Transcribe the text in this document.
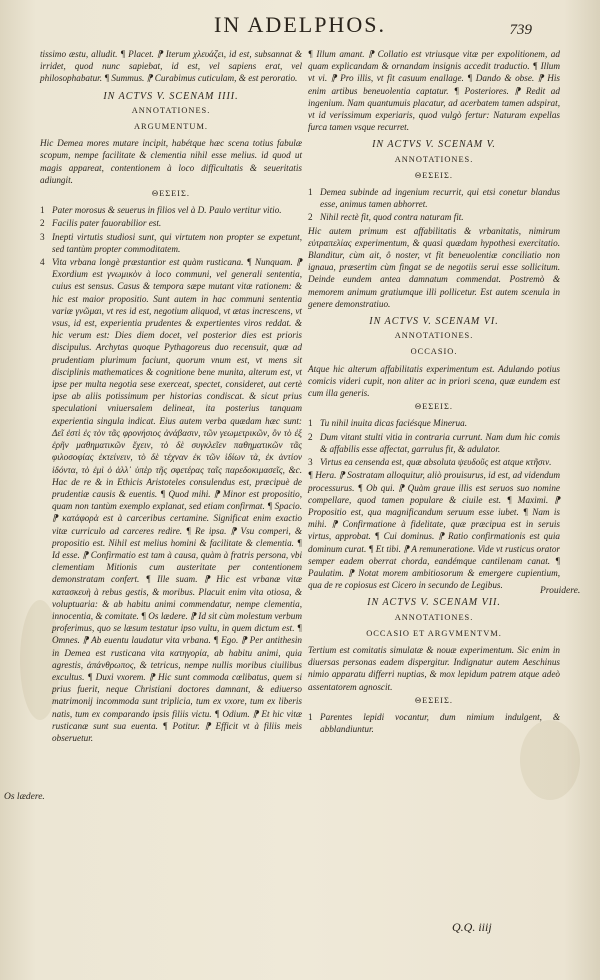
IN ADELPHOS.	739

tissimo æstu, alludit. ¶ Placet. ⁋ Iterum χλευάζει, id est, subsannat & irridet, quod nunc sapiebat, id est, vel sapiens erat, vel philosophabatur. ¶ Summus. ⁋ Curabimus cuticulam, & est peroratio.

IN ACTVS V. SCENAM IIII.
ANNOTATIONES.
ARGUMENTUM.

Hic Demea mores mutare incipit, habétque hæc scena totius fabulæ scopum, nempe facilitate & clementia nihil esse melius. id quod ut magis appareat, contentionem à loco difficultatis & seueritatis adiungit.

ΘΕΣΕΙΣ.
1 Pater morosus & seuerus in filios vel à D. Paulo vertitur vitio.
2 Facilis pater fauorabilior est.
3 Inepti virtutis studiosi sunt, qui virtutem non propter se expetunt, sed tantùm propter commoditatem.
4 Vita vrbana longè præstantior est quàm rusticana. ¶ Nunquam. ⁋ Exordium est γνωμικὸν à loco communi, vel generali sententia, cuius est sensus. Casus & tempora sæpe mutant vitæ rationem: & hic est maior propositio. Sunt autem in hac communi sententia variæ γνῶμαι, vt res id est, negotium aliquod, vt ætas increscens, vt vsus, id est, experientia prudentes & expertientes viros reddat. & hic verum est: Dies diem docet, vel posterior dies est prioris discipulus. Archytas quoque Pythagoreus duo recensuit, quæ ad prudentiam plurimum faciunt, quorum vnum est, vt mens sit disciplinis mathematices & cognitione bene munita, alterum est, vt ipse per multa negotia sese exerceat, spectet, consideret, aut certè ipse ab aliis potissimum per historias condiscat. & sicut prius speculationi vniuersalem delineat, ita posterius tanquam experientia singula indicat. Eius autem verba quædam hæc sunt: Δεῖ ἐστὶ ἐς τὸν τᾶς φρονήσιος ἀνάβασιν, τῶν γεωμετρικῶν, ὃν τὸ ἐξ ἐρῆν μαθηματικῶν ἔχειν, τὸ δὲ συγκλεῖεν παθηματικῶν τᾶς φιλοσοφίας ἐκτείνειν, τὸ δὲ τέχναν ἐκ τῶν ἰδίων τὰ, ἐκ ἀντίον ἰδόντα, τὸ ἐμὶ ὁ ἀλλ᾿ ὑπὲρ τῆς σφετέρας ταῖς παρεδοκιμασεῖς, &c. Hac de re & in Ethicis Aristoteles consulendus est, præcipuè de prudentiæ causis & euentis. ¶ Quod mihi. ⁋ Minor est propositio, quam non tantùm exemplo explanat, sed etiam confirmat. ¶ Spacio. ⁋ κατάφορὰ est à carceribus certamine. Significat enim exactio vitæ curriculo ad carceres redire. ¶ Re ipsa. ⁋ Vsu comperi, & propositio est. Nihil est melius homini & facilitate & clementia. ¶ Id esse. ⁋ Confirmatio est tam à causa, quàm à fratris persona, vbi clementiam Mitionis cum austeritate per contentionem demonstratam confert. ¶ Ille suam. ⁋ Hic est vrbanæ vitæ κατασκευὴ à rebus gestis, & moribus. Placuit enim vita otiosa, & voluptuaria: & ab habitu animi commendatur, nempe clementia, innocentia, & comitate. ¶ Os lædere. ⁋ Id sit cùm molestum verbum proferimus, quo se læsum testatur ipso vultu, in quem dictum est. ¶ Omnes. ⁋ Ab euentu laudatur vita vrbana. ¶ Ego. ⁋ Per antithesin in Demea est rusticana vita κατηγορία, ab habitu animi, quia agrestis, ἀπάνθρωπος, & tetricus, nempe nullis moribus ciuilibus excultus. ¶ Duxi vxorem. ⁋ Hic sunt commoda cœlibatus, quem si prius fuerit, neque Christiani doctores damnant, & ediuerso matrimonij incommoda sunt triplicia, tum ex vxore, tum ex liberis natis, tum ex comparando ipsis filiis victu. ¶ Odium. ⁋ Et hic vitæ rusticanæ sunt sua euenta. ¶ Potitur. ⁋ Efficit vt à filiis meis obseruetur.

¶ Illum amant. ⁋ Collatio est vtriusque vitæ per expolitionem, ad quam explicandam & ornandam insignis accedit traductio. ¶ Illum vt vi. ⁋ Pro illis, vt fit casuum enallage. ¶ Dando & obse. ⁋ His enim artibus beneuolentia captatur. ¶ Posteriores. ⁋ Redit ad ingenium. Nam quantumuis placatur, ad acerbatem tamen adspirat, vt id verissimum experiaris, quod vulgò fertur: Naturam expellas furca tamen vsque recurret.

IN ACTVS V. SCENAM V.
ANNOTATIONES.
ΘΕΣΕΙΣ.
1 Demea subinde ad ingenium recurrit, qui etsi conetur blandus esse, animus tamen abhorret.
2 Nihil rectè fit, quod contra naturam fit.

Hic autem primum est affabilitatis & vrbanitatis, nimirum εὐτραπελίας experimentum, & quasi quædam hypothesi exercitatio. Blanditur, cùm ait, ô noster, vt fit beneuolentiæ conciliatio non ignaua, præsertim cùm fingat se de negotiis serui esse sollicitum. Deinde eundem antea damnatum commendat. Postremò & memorem animum gratiumque illi pollicetur. Est autem scenula in genere demonstratiuo.

IN ACTVS V. SCENAM VI.
ANNOTATIONES.
OCCASIO.

Atque hic alterum affabilitatis experimentum est. Adulando potius comicis videri cupit, non aliter ac in priori scena, quæ eundem est cum illa generis.

ΘΕΣΕΙΣ.
1 Tu nihil inuita dicas faciésque Minerua.
2 Dum vitant stulti vitia in contraria currunt. Nam dum hic comis & affabilis esse affectat, garrulus fit, & adulator.
3 Virtus ea censenda est, quæ absoluta ψευδοῦς est atque κτῆσιν.

¶ Hera. ⁋ Sostratam alloquitur, aliò prouisurus, id est, ad videndum processurus. ¶ Ob qui. ⁋ Quàm graue illis est seruos suo nomine compellare, quod tamen populare & ciuile est. ¶ Maximi. ⁋ Propositio est, qua magnificandum seruum esse iubet. ¶ Nam is mihi. ⁋ Confirmatione à fidelitate, quæ præcipua est in seruis virtus, approbat. ¶ Cui dominus. ⁋ Ratio confirmationis est quia dominum curat. ¶ Et tibi. ⁋ A remuneratione. Vide vt rusticus orator semper eadem oberrat chorda, eandémque cantilenam canat. ¶ Paulatim. ⁋ Notat morem ambitiosorum & emergere cupientium, qua de re copiosus est Cicero in secundo de Legibus.

IN ACTVS V. SCENAM VII.
ANNOTATIONES.
OCCASIO ET ARGVMENTVM.

Tertium est comitatis simulatæ & nouæ experimentum. Sic enim in diuersas personas eadem dispergitur. Indignatur autem Aeschinus nimio apparatu differri nuptias, & mox lepidum patrem atque adeò assentatorem agnoscit.

ΘΕΣΕΙΣ.
1 Parentes lepidi vocantur, dum nimium indulgent, & abblandiuntur.
Os lædere.
Prouidere.
Q.Q. iiij
